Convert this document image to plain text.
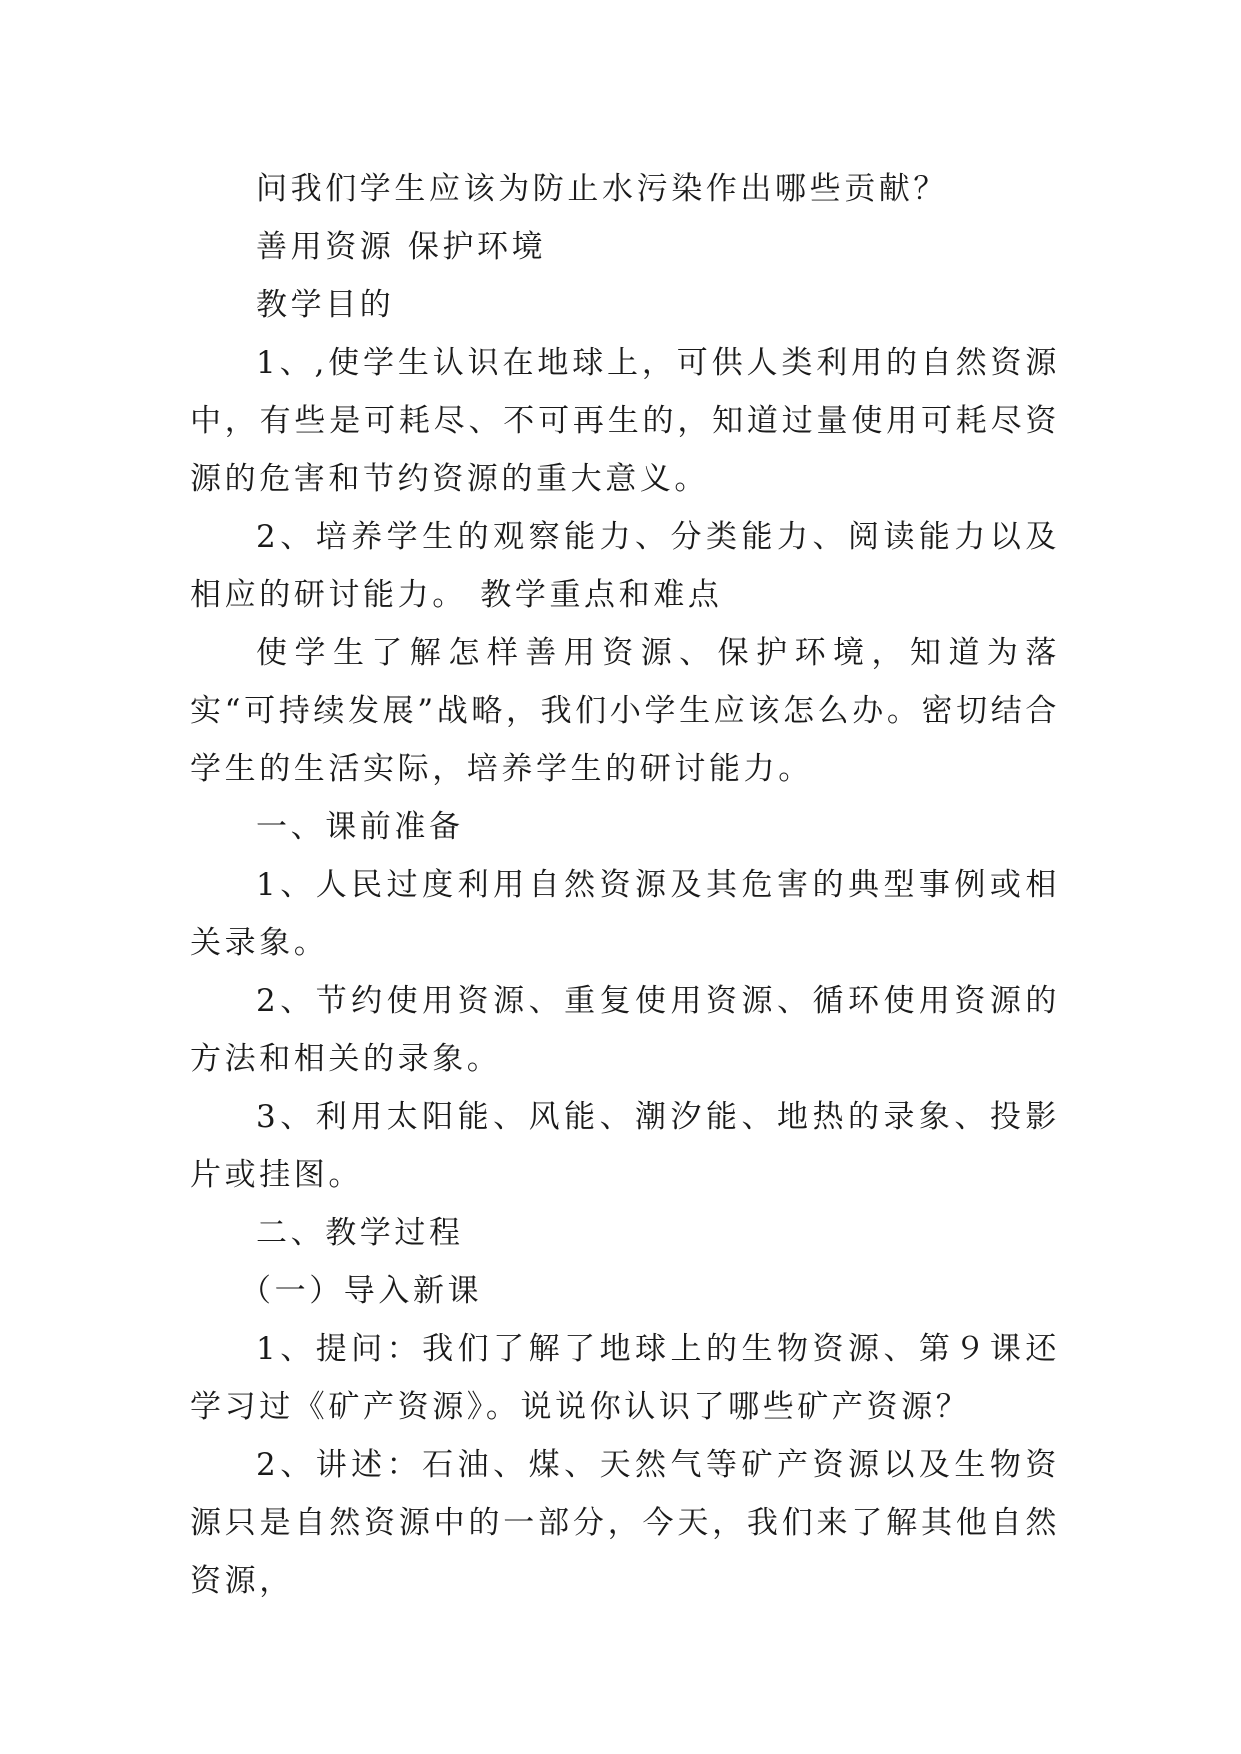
问我们学生应该为防止水污染作出哪些贡献？

善用资源 保护环境

教学目的

1、,使学生认识在地球上，可供人类利用的自然资源中，有些是可耗尽、不可再生的，知道过量使用可耗尽资源的危害和节约资源的重大意义。

2、培养学生的观察能力、分类能力、阅读能力以及相应的研讨能力。 教学重点和难点

使学生了解怎样善用资源、保护环境，知道为落实“可持续发展”战略，我们小学生应该怎么办。密切结合学生的生活实际，培养学生的研讨能力。

一、课前准备

1、人民过度利用自然资源及其危害的典型事例或相关录象。

2、节约使用资源、重复使用资源、循环使用资源的方法和相关的录象。

3、利用太阳能、风能、潮汐能、地热的录象、投影片或挂图。

二、教学过程

（一）导入新课

1、提问：我们了解了地球上的生物资源、第９课还学习过《矿产资源》。说说你认识了哪些矿产资源？

2、讲述：石油、煤、天然气等矿产资源以及生物资源只是自然资源中的一部分，今天，我们来了解其他自然资源，
